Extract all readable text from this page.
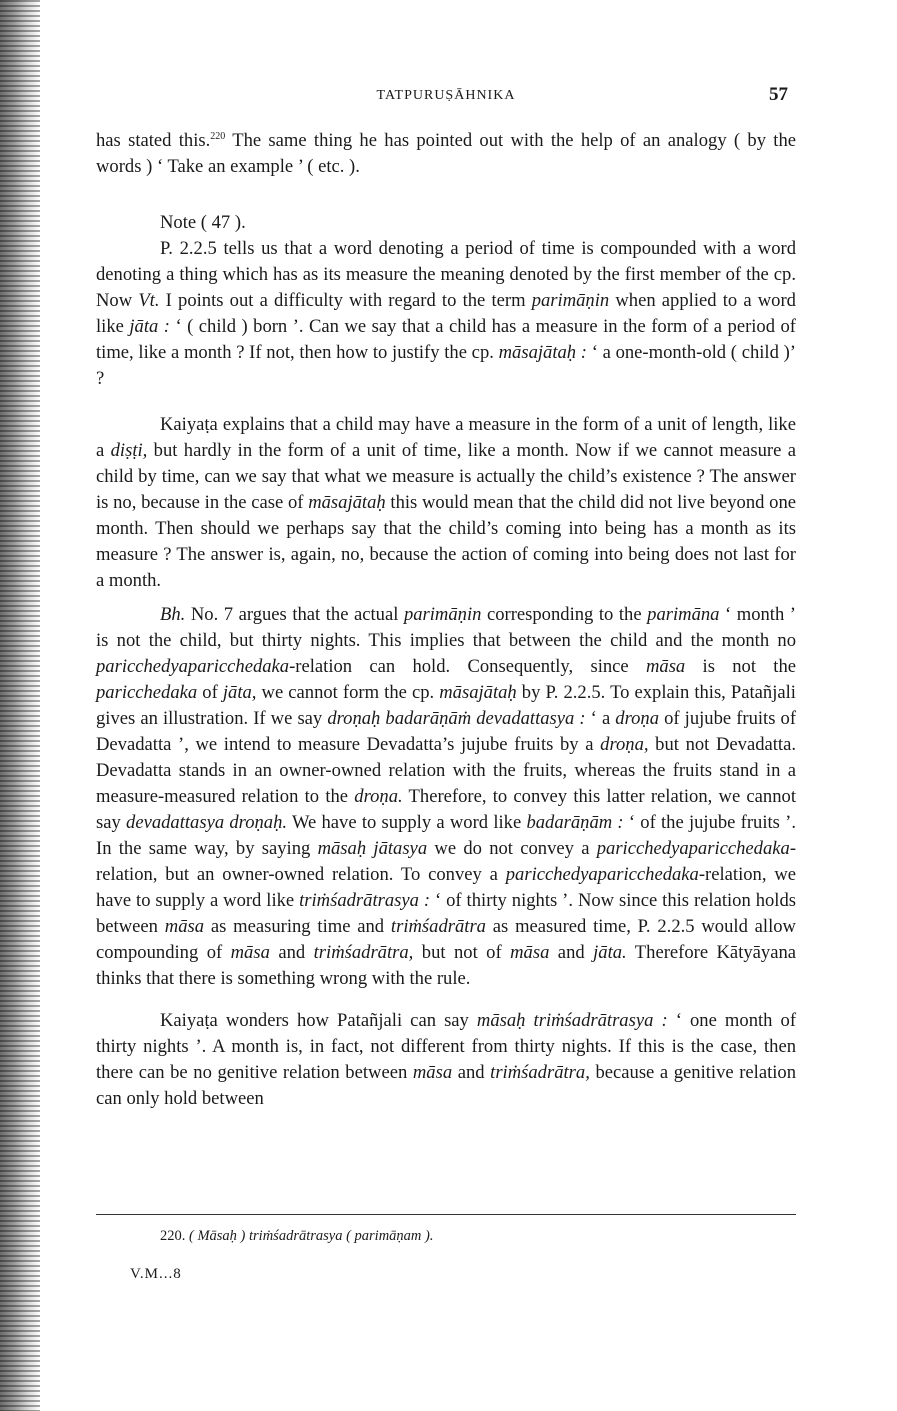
TATPURUṢĀHNIKA	57

has stated this.$^{220}$ The same thing he has pointed out with the help of an analogy ( by the words ) ‘ Take an example ’ ( etc. ).

Note ( 47 ).

P. 2.2.5 tells us that a word denoting a period of time is compounded with a word denoting a thing which has as its measure the meaning denoted by the first member of the cp. Now Vt. I points out a difficulty with regard to the term parimāṇin when applied to a word like jāta : ‘ ( child ) born ’. Can we say that a child has a measure in the form of a period of time, like a month ? If not, then how to justify the cp. māsajātaḥ : ‘ a one-month-old ( child )’ ?

Kaiyaṭa explains that a child may have a measure in the form of a unit of length, like a diṣṭi, but hardly in the form of a unit of time, like a month. Now if we cannot measure a child by time, can we say that what we measure is actually the child’s existence ? The answer is no, because in the case of māsajātaḥ this would mean that the child did not live beyond one month. Then should we perhaps say that the child’s coming into being has a month as its measure ? The answer is, again, no, because the action of coming into being does not last for a month.

Bh. No. 7 argues that the actual parimāṇin corresponding to the parimāna ‘ month ’ is not the child, but thirty nights. This implies that between the child and the month no paricchedyaparicchedaka-relation can hold. Consequently, since māsa is not the paricchedaka of jāta, we cannot form the cp. māsajātaḥ by P. 2.2.5. To explain this, Patañjali gives an illustration. If we say droṇaḥ badarāṇāṁ devadattasya : ‘ a droṇa of jujube fruits of Devadatta ’, we intend to measure Devadatta’s jujube fruits by a droṇa, but not Devadatta. Devadatta stands in an owner-owned relation with the fruits, whereas the fruits stand in a measure-measured relation to the droṇa. Therefore, to convey this latter relation, we cannot say devadattasya droṇaḥ. We have to supply a word like badarāṇām : ‘ of the jujube fruits ’. In the same way, by saying māsaḥ jātasya we do not convey a paricchedyaparicchedaka-relation, but an owner-owned relation. To convey a paricchedyaparicchedaka-relation, we have to supply a word like triṁśadrātrasya : ‘ of thirty nights ’. Now since this relation holds between māsa as measuring time and triṁśadrātra as measured time, P. 2.2.5 would allow compounding of māsa and triṁśadrātra, but not of māsa and jāta. Therefore Kātyāyana thinks that there is something wrong with the rule.

Kaiyaṭa wonders how Patañjali can say māsaḥ triṁśadrātrasya : ‘ one month of thirty nights ’. A month is, in fact, not different from thirty nights. If this is the case, then there can be no genitive relation between māsa and triṁśadrātra, because a genitive relation can only hold between

220. ( Māsaḥ ) triṁśadrātrasya ( parimāṇam ).
V.M...8
